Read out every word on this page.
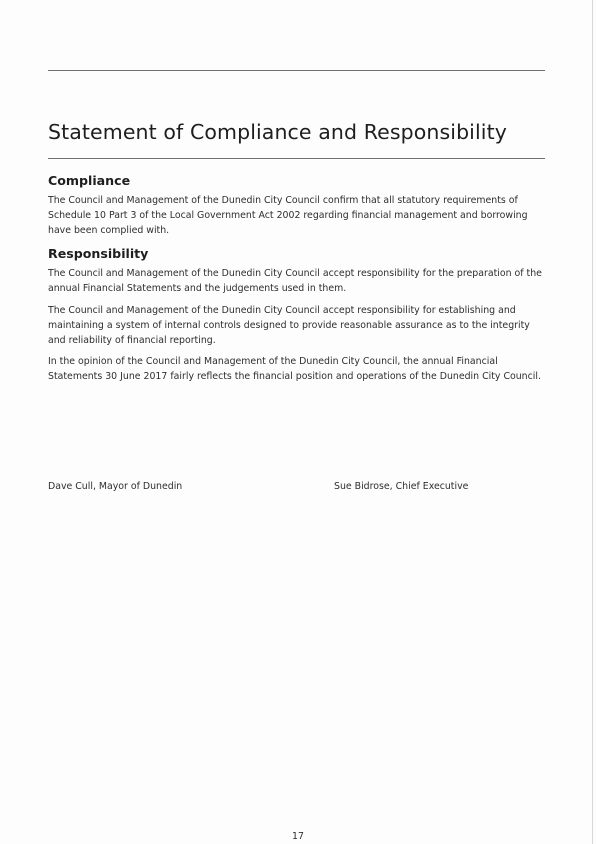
Statement of Compliance and Responsibility
Compliance

The Council and Management of the Dunedin City Council confirm that all statutory requirements of Schedule 10 Part 3 of the Local Government Act 2002 regarding financial management and borrowing have been complied with.

Responsibility

The Council and Management of the Dunedin City Council accept responsibility for the preparation of the annual Financial Statements and the judgements used in them.

The Council and Management of the Dunedin City Council accept responsibility for establishing and maintaining a system of internal controls designed to provide reasonable assurance as to the integrity and reliability of financial reporting.

In the opinion of the Council and Management of the Dunedin City Council, the annual Financial Statements 30 June 2017 fairly reflects the financial position and operations of the Dunedin City Council.

Dave Cull, Mayor of Dunedin	Sue Bidrose, Chief Executive

17
